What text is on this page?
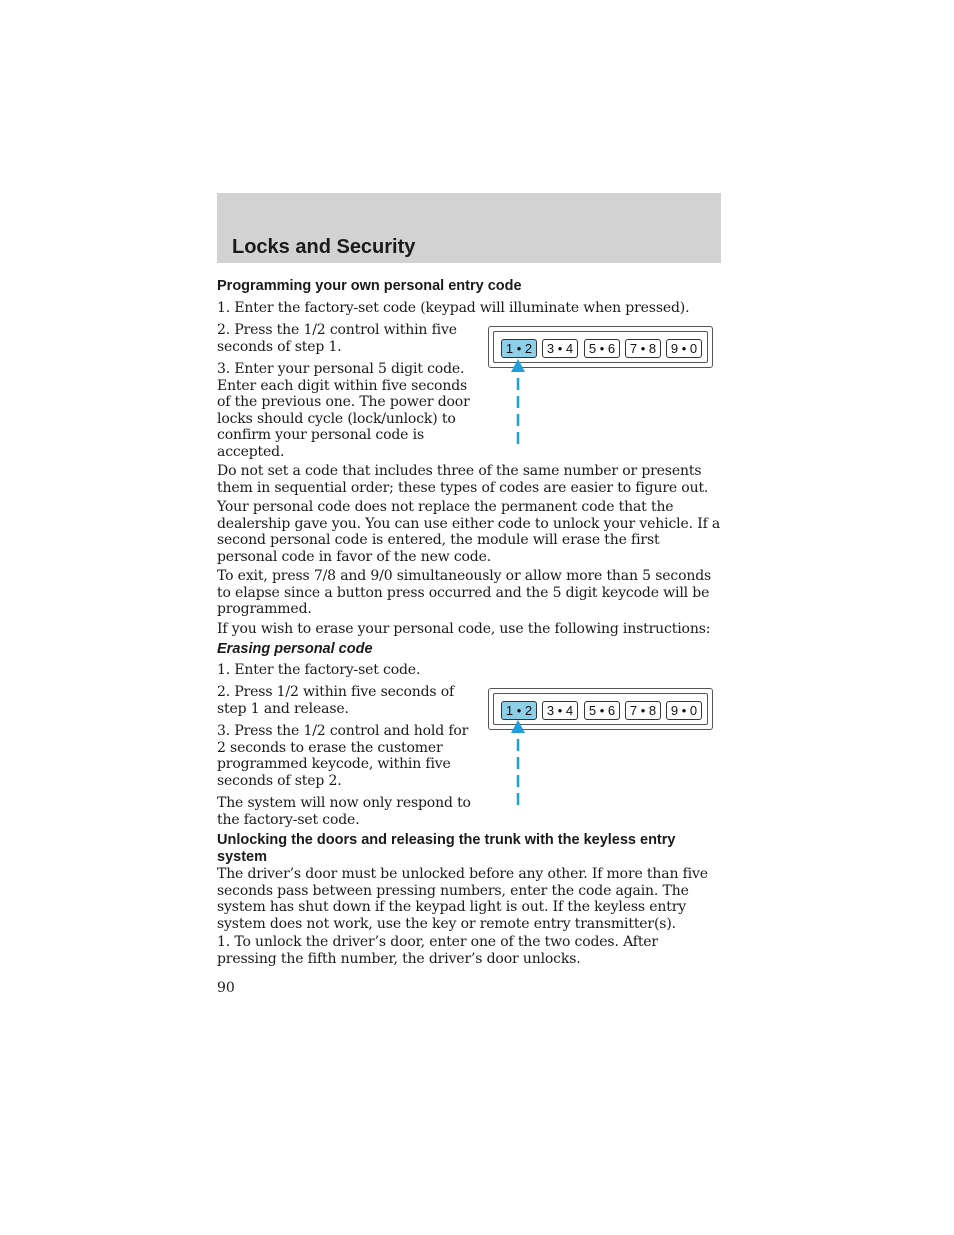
Locks and Security
Programming your own personal entry code

1. Enter the factory-set code (keypad will illuminate when pressed).

2. Press the 1/2 control within five seconds of step 1.

3. Enter your personal 5 digit code. Enter each digit within five seconds of the previous one. The power door locks should cycle (lock/unlock) to confirm your personal code is accepted.

1 • 2	3 • 4	5 • 6	7 • 8	9 • 0

Do not set a code that includes three of the same number or presents them in sequential order; these types of codes are easier to figure out.

Your personal code does not replace the permanent code that the dealership gave you. You can use either code to unlock your vehicle. If a second personal code is entered, the module will erase the first personal code in favor of the new code.

To exit, press 7/8 and 9/0 simultaneously or allow more than 5 seconds to elapse since a button press occurred and the 5 digit keycode will be programmed.

If you wish to erase your personal code, use the following instructions:

Erasing personal code

1. Enter the factory-set code.

2. Press 1/2 within five seconds of step 1 and release.

3. Press the 1/2 control and hold for 2 seconds to erase the customer programmed keycode, within five seconds of step 2.

The system will now only respond to the factory-set code.

1 • 2	3 • 4	5 • 6	7 • 8	9 • 0
Unlocking the doors and releasing the trunk with the keyless entry system

The driver’s door must be unlocked before any other. If more than five seconds pass between pressing numbers, enter the code again. The system has shut down if the keypad light is out. If the keyless entry system does not work, use the key or remote entry transmitter(s).

1. To unlock the driver’s door, enter one of the two codes. After pressing the fifth number, the driver’s door unlocks.

90
